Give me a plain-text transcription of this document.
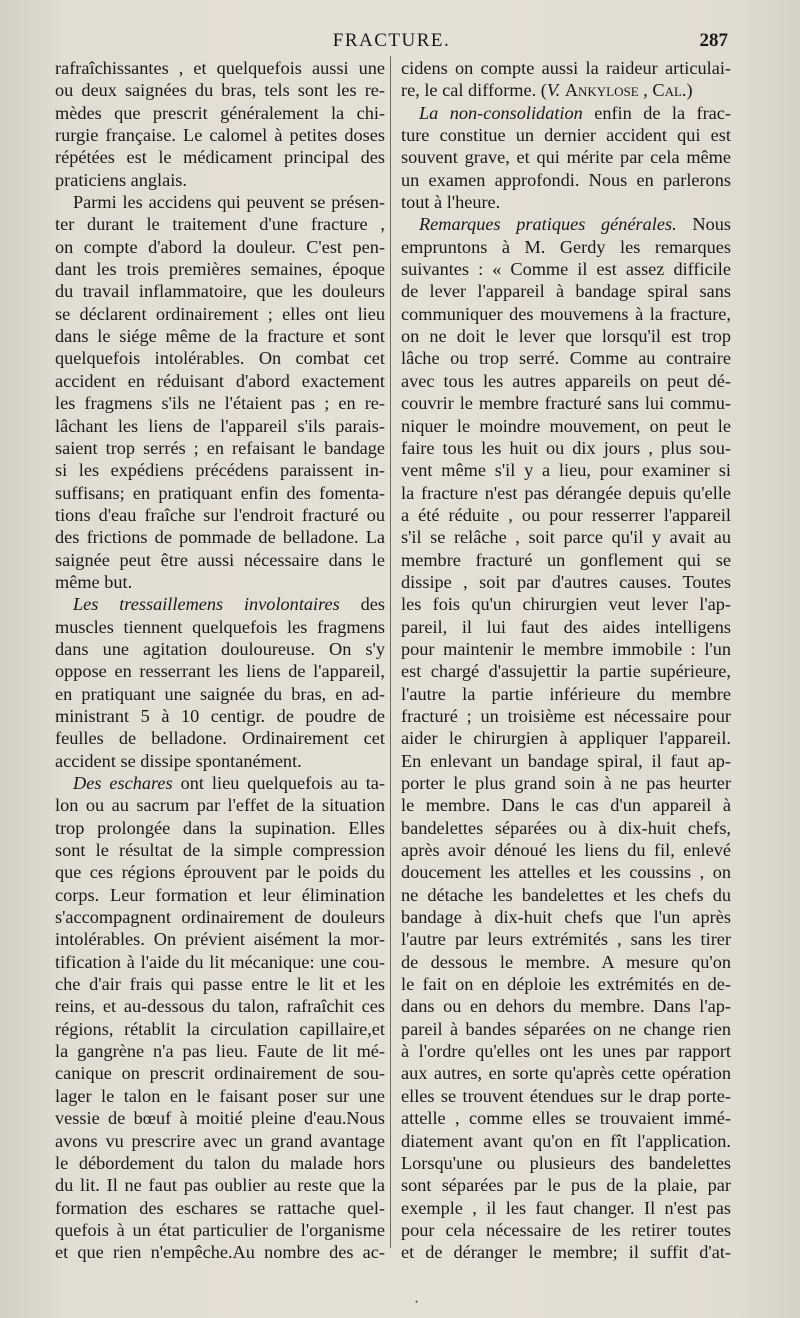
FRACTURE.	287
rafraîchissantes , et quelquefois aussi une
ou deux saignées du bras, tels sont les re-
mèdes que prescrit généralement la chi-
rurgie française. Le calomel à petites doses
répétées est le médicament principal des
praticiens anglais.
Parmi les accidens qui peuvent se présen-
ter durant le traitement d'une fracture ,
on compte d'abord la douleur. C'est pen-
dant les trois premières semaines, époque
du travail inflammatoire, que les douleurs
se déclarent ordinairement ; elles ont lieu
dans le siége même de la fracture et sont
quelquefois intolérables. On combat cet
accident en réduisant d'abord exactement
les fragmens s'ils ne l'étaient pas ; en re-
lâchant les liens de l'appareil s'ils parais-
saient trop serrés ; en refaisant le bandage
si les expédiens précédens paraissent in-
suffisans; en pratiquant enfin des fomenta-
tions d'eau fraîche sur l'endroit fracturé ou
des frictions de pommade de belladone. La
saignée peut être aussi nécessaire dans le
même but.
Les tressaillemens involontaires des
muscles tiennent quelquefois les fragmens
dans une agitation douloureuse. On s'y
oppose en resserrant les liens de l'appareil,
en pratiquant une saignée du bras, en ad-
ministrant 5 à 10 centigr. de poudre de
feulles de belladone. Ordinairement cet
accident se dissipe spontanément.
Des eschares ont lieu quelquefois au ta-
lon ou au sacrum par l'effet de la situation
trop prolongée dans la supination. Elles
sont le résultat de la simple compression
que ces régions éprouvent par le poids du
corps. Leur formation et leur élimination
s'accompagnent ordinairement de douleurs
intolérables. On prévient aisément la mor-
tification à l'aide du lit mécanique: une cou-
che d'air frais qui passe entre le lit et les
reins, et au-dessous du talon, rafraîchit ces
régions, rétablit la circulation capillaire,et
la gangrène n'a pas lieu. Faute de lit mé-
canique on prescrit ordinairement de sou-
lager le talon en le faisant poser sur une
vessie de bœuf à moitié pleine d'eau.Nous
avons vu prescrire avec un grand avantage
le débordement du talon du malade hors
du lit. Il ne faut pas oublier au reste que la
formation des eschares se rattache quel-
quefois à un état particulier de l'organisme
et que rien n'empêche.Au nombre des ac-
cidens on compte aussi la raideur articulai-
re, le cal difforme. (V. Ankylose , Cal.)
La non-consolidation enfin de la frac-
ture constitue un dernier accident qui est
souvent grave, et qui mérite par cela même
un examen approfondi. Nous en parlerons
tout à l'heure.
Remarques pratiques générales. Nous
empruntons à M. Gerdy les remarques
suivantes : « Comme il est assez difficile
de lever l'appareil à bandage spiral sans
communiquer des mouvemens à la fracture,
on ne doit le lever que lorsqu'il est trop
lâche ou trop serré. Comme au contraire
avec tous les autres appareils on peut dé-
couvrir le membre fracturé sans lui commu-
niquer le moindre mouvement, on peut le
faire tous les huit ou dix jours , plus sou-
vent même s'il y a lieu, pour examiner si
la fracture n'est pas dérangée depuis qu'elle
a été réduite , ou pour resserrer l'appareil
s'il se relâche , soit parce qu'il y avait au
membre fracturé un gonflement qui se
dissipe , soit par d'autres causes. Toutes
les fois qu'un chirurgien veut lever l'ap-
pareil, il lui faut des aides intelligens
pour maintenir le membre immobile : l'un
est chargé d'assujettir la partie supérieure,
l'autre la partie inférieure du membre
fracturé ; un troisième est nécessaire pour
aider le chirurgien à appliquer l'appareil.
En enlevant un bandage spiral, il faut ap-
porter le plus grand soin à ne pas heurter
le membre. Dans le cas d'un appareil à
bandelettes séparées ou à dix-huit chefs,
après avoir dénoué les liens du fil, enlevé
doucement les attelles et les coussins , on
ne détache les bandelettes et les chefs du
bandage à dix-huit chefs que l'un après
l'autre par leurs extrémités , sans les tirer
de dessous le membre. A mesure qu'on
le fait on en déploie les extrémités en de-
dans ou en dehors du membre. Dans l'ap-
pareil à bandes séparées on ne change rien
à l'ordre qu'elles ont les unes par rapport
aux autres, en sorte qu'après cette opération
elles se trouvent étendues sur le drap porte-
attelle , comme elles se trouvaient immé-
diatement avant qu'on en fît l'application.
Lorsqu'une ou plusieurs des bandelettes
sont séparées par le pus de la plaie, par
exemple , il les faut changer. Il n'est pas
pour cela nécessaire de les retirer toutes
et de déranger le membre; il suffit d'at-
•
